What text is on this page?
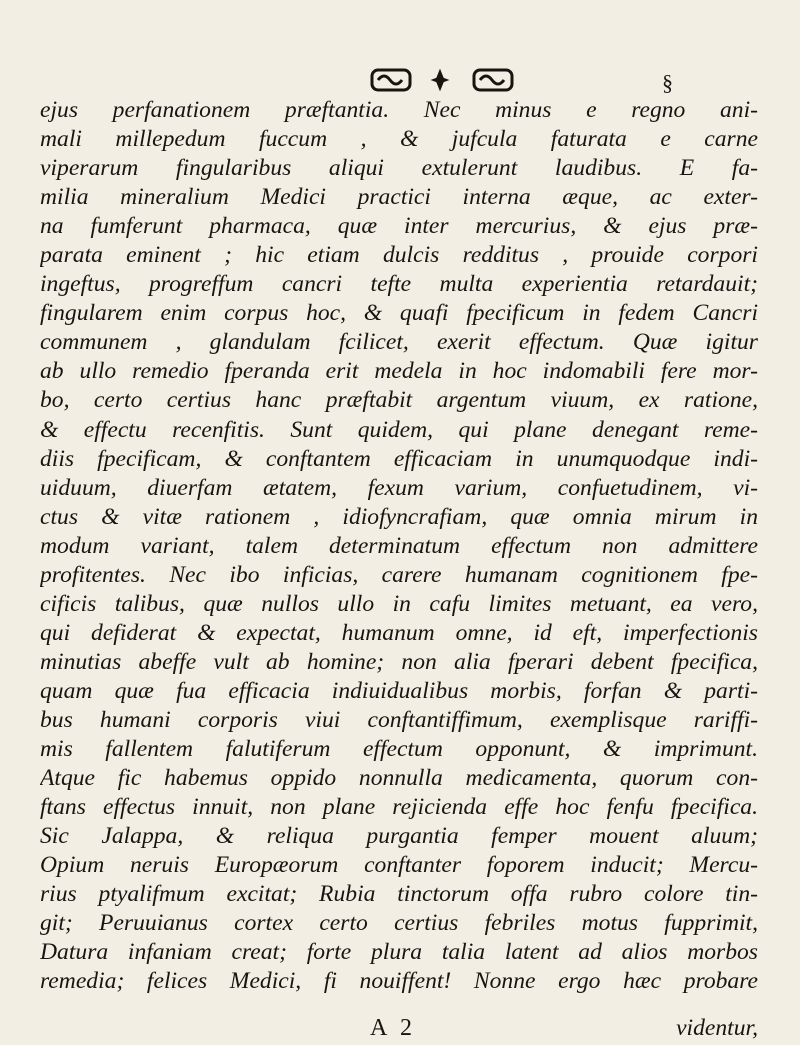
§
ejus perfanationem præftantia. Nec minus e regno ani-
mali millepedum fuccum , & jufcula faturata e carne
viperarum fingularibus aliqui extulerunt laudibus. E fa-
milia mineralium Medici practici interna æque, ac exter-
na fumferunt pharmaca, quæ inter mercurius, & ejus præ-
parata eminent ; hic etiam dulcis redditus , prouide corpori
ingeftus, progreffum cancri tefte multa experientia retardauit;
fingularem enim corpus hoc, & quafi fpecificum in fedem Cancri
communem , glandulam fcilicet, exerit effectum. Quæ igitur
ab ullo remedio fperanda erit medela in hoc indomabili fere mor-
bo, certo certius hanc præftabit argentum viuum, ex ratione,
& effectu recenfitis. Sunt quidem, qui plane denegant reme-
diis fpecificam, & conftantem efficaciam in unumquodque indi-
uiduum, diuerfam ætatem, fexum varium, confuetudinem, vi-
ctus & vitæ rationem , idiofyncrafiam, quæ omnia mirum in
modum variant, talem determinatum effectum non admittere
profitentes. Nec ibo inficias, carere humanam cognitionem fpe-
cificis talibus, quæ nullos ullo in cafu limites metuant, ea vero,
qui defiderat & expectat, humanum omne, id eft, imperfectionis
minutias abeffe vult ab homine; non alia fperari debent fpecifica,
quam quæ fua efficacia indiuidualibus morbis, forfan & parti-
bus humani corporis viui conftantiffimum, exemplisque rariffi-
mis fallentem falutiferum effectum opponunt, & imprimunt.
Atque fic habemus oppido nonnulla medicamenta, quorum con-
ftans effectus innuit, non plane rejicienda effe hoc fenfu fpecifica.
Sic Jalappa, & reliqua purgantia femper mouent aluum;
Opium neruis Europæorum conftanter foporem inducit; Mercu-
rius ptyalifmum excitat; Rubia tinctorum offa rubro colore tin-
git; Peruuianus cortex certo certius febriles motus fupprimit,
Datura infaniam creat; forte plura talia latent ad alios morbos
remedia; felices Medici, fi nouiffent! Nonne ergo hæc probare
A 2	videntur,
